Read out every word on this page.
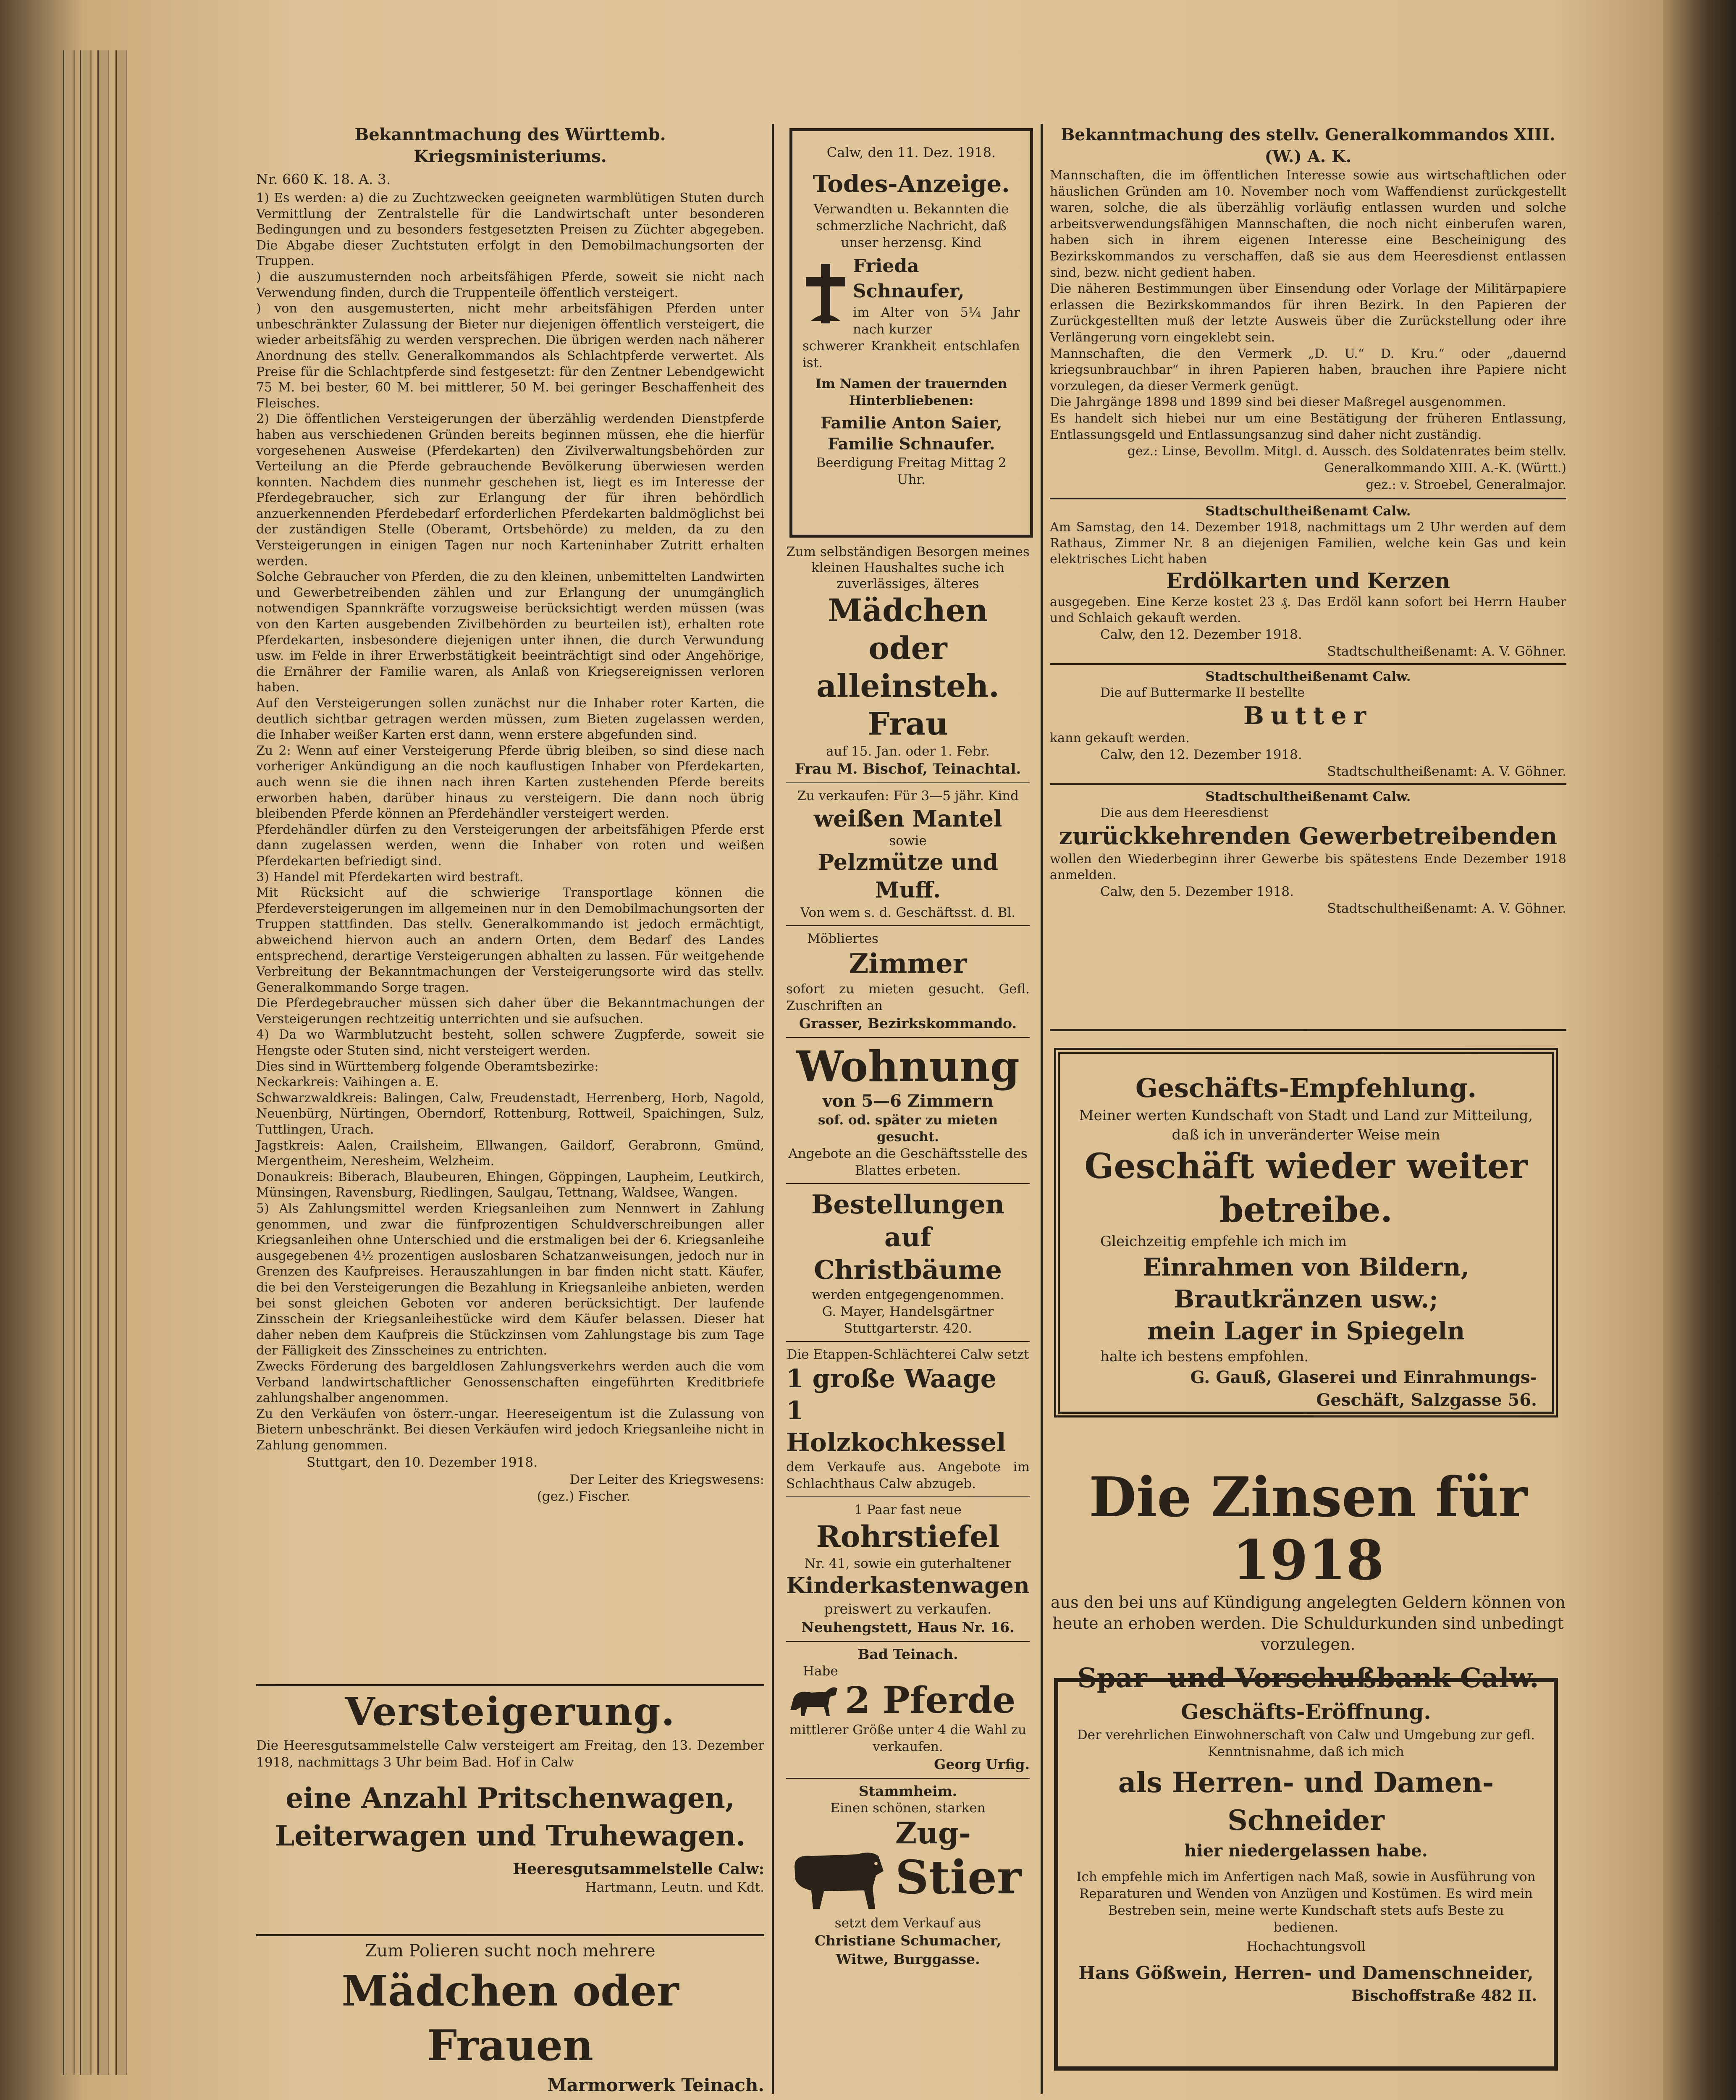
Bekanntmachung des Württemb. Kriegsministeriums.
Nr. 660 K. 18. A. 3.

1) Es werden: a) die zu Zuchtzwecken geeigneten warmblütigen Stuten durch Vermittlung der Zentralstelle für die Landwirtschaft unter besonderen Bedingungen und zu besonders festgesetzten Preisen zu Züchter abgegeben. Die Abgabe dieser Zuchtstuten erfolgt in den Demobilmachungsorten der Truppen.

) die auszumusternden noch arbeitsfähigen Pferde, soweit sie nicht nach Verwendung finden, durch die Truppenteile öffentlich versteigert.

) von den ausgemusterten, nicht mehr arbeitsfähigen Pferden unter unbeschränkter Zulassung der Bieter nur diejenigen öffentlich versteigert, die wieder arbeitsfähig zu werden versprechen. Die übrigen werden nach näherer Anordnung des stellv. Generalkommandos als Schlachtpferde verwertet. Als Preise für die Schlachtpferde sind festgesetzt: für den Zentner Lebendgewicht 75 M. bei bester, 60 M. bei mittlerer, 50 M. bei geringer Beschaffenheit des Fleisches.

2) Die öffentlichen Versteigerungen der überzählig werdenden Dienstpferde haben aus verschiedenen Gründen bereits beginnen müssen, ehe die hierfür vorgesehenen Ausweise (Pferdekarten) den Zivilverwaltungsbehörden zur Verteilung an die Pferde gebrauchende Bevölkerung überwiesen werden konnten. Nachdem dies nunmehr geschehen ist, liegt es im Interesse der Pferdegebraucher, sich zur Erlangung der für ihren behördlich anzuerkennenden Pferdebedarf erforderlichen Pferdekarten baldmöglichst bei der zuständigen Stelle (Oberamt, Ortsbehörde) zu melden, da zu den Versteigerungen in einigen Tagen nur noch Karteninhaber Zutritt erhalten werden.

Solche Gebraucher von Pferden, die zu den kleinen, unbemittelten Landwirten und Gewerbetreibenden zählen und zur Erlangung der unumgänglich notwendigen Spannkräfte vorzugsweise berücksichtigt werden müssen (was von den Karten ausgebenden Zivilbehörden zu beurteilen ist), erhalten rote Pferdekarten, insbesondere diejenigen unter ihnen, die durch Verwundung usw. im Felde in ihrer Erwerbstätigkeit beeinträchtigt sind oder Angehörige, die Ernährer der Familie waren, als Anlaß von Kriegsereignissen verloren haben.

Auf den Versteigerungen sollen zunächst nur die Inhaber roter Karten, die deutlich sichtbar getragen werden müssen, zum Bieten zugelassen werden, die Inhaber weißer Karten erst dann, wenn erstere abgefunden sind.

Zu 2: Wenn auf einer Versteigerung Pferde übrig bleiben, so sind diese nach vorheriger Ankündigung an die noch kauflustigen Inhaber von Pferdekarten, auch wenn sie die ihnen nach ihren Karten zustehenden Pferde bereits erworben haben, darüber hinaus zu versteigern. Die dann noch übrig bleibenden Pferde können an Pferdehändler versteigert werden.

Pferdehändler dürfen zu den Versteigerungen der arbeitsfähigen Pferde erst dann zugelassen werden, wenn die Inhaber von roten und weißen Pferdekarten befriedigt sind.

3) Handel mit Pferdekarten wird bestraft.

Mit Rücksicht auf die schwierige Transportlage können die Pferdeversteigerungen im allgemeinen nur in den Demobilmachungsorten der Truppen stattfinden. Das stellv. Generalkommando ist jedoch ermächtigt, abweichend hiervon auch an andern Orten, dem Bedarf des Landes entsprechend, derartige Versteigerungen abhalten zu lassen. Für weitgehende Verbreitung der Bekanntmachungen der Versteigerungsorte wird das stellv. Generalkommando Sorge tragen.

Die Pferdegebraucher müssen sich daher über die Bekanntmachungen der Versteigerungen rechtzeitig unterrichten und sie aufsuchen.

4) Da wo Warmblutzucht besteht, sollen schwere Zugpferde, soweit sie Hengste oder Stuten sind, nicht versteigert werden.

Dies sind in Württemberg folgende Oberamtsbezirke:

Neckarkreis: Vaihingen a. E.

Schwarzwaldkreis: Balingen, Calw, Freudenstadt, Herrenberg, Horb, Nagold, Neuenbürg, Nürtingen, Oberndorf, Rottenburg, Rottweil, Spaichingen, Sulz, Tuttlingen, Urach.

Jagstkreis: Aalen, Crailsheim, Ellwangen, Gaildorf, Gerabronn, Gmünd, Mergentheim, Neresheim, Welzheim.

Donaukreis: Biberach, Blaubeuren, Ehingen, Göppingen, Laupheim, Leutkirch, Münsingen, Ravensburg, Riedlingen, Saulgau, Tettnang, Waldsee, Wangen.

5) Als Zahlungsmittel werden Kriegsanleihen zum Nennwert in Zahlung genommen, und zwar die fünfprozentigen Schuldverschreibungen aller Kriegsanleihen ohne Unterschied und die erstmaligen bei der 6. Kriegsanleihe ausgegebenen 4½ prozentigen auslosbaren Schatzanweisungen, jedoch nur in Grenzen des Kaufpreises. Herauszahlungen in bar finden nicht statt. Käufer, die bei den Versteigerungen die Bezahlung in Kriegsanleihe anbieten, werden bei sonst gleichen Geboten vor anderen berücksichtigt. Der laufende Zinsschein der Kriegsanleihestücke wird dem Käufer belassen. Dieser hat daher neben dem Kaufpreis die Stückzinsen vom Zahlungstage bis zum Tage der Fälligkeit des Zinsscheines zu entrichten.

Zwecks Förderung des bargeldlosen Zahlungsverkehrs werden auch die vom Verband landwirtschaftlicher Genossenschaften eingeführten Kreditbriefe zahlungshalber angenommen.

Zu den Verkäufen von österr.-ungar. Heereseigentum ist die Zulassung von Bietern unbeschränkt. Bei diesen Verkäufen wird jedoch Kriegsanleihe nicht in Zahlung genommen.

Stuttgart, den 10. Dezember 1918.
Der Leiter des Kriegswesens:
(gez.) Fischer.
Versteigerung.
Die Heeresgutsammelstelle Calw versteigert am Freitag, den 13. Dezember 1918, nachmittags 3 Uhr beim Bad. Hof in Calw
eine Anzahl Pritschenwagen,
Leiterwagen und Truhewagen.
Heeresgutsammelstelle Calw:
Hartmann, Leutn. und Kdt.
Zum Polieren sucht noch mehrere
Mädchen oder Frauen
Marmorwerk Teinach.
Calw, den 11. Dez. 1918.
Todes-Anzeige.
Verwandten u. Bekannten die schmerzliche Nachricht, daß unser herzensg. Kind
Frieda Schnaufer,
im Alter von 5¼ Jahr nach kurzer
schwerer Krankheit entschlafen ist.
Im Namen der trauernden Hinterbliebenen:
Familie Anton Saier,
Familie Schnaufer.
Beerdigung Freitag Mittag 2 Uhr.
Zum selbständigen Besorgen meines kleinen Haushaltes suche ich zuverlässiges, älteres
Mädchen oder alleinsteh. Frau
auf 15. Jan. oder 1. Febr.
Frau M. Bischof, Teinachtal.
Zu verkaufen: Für 3—5 jähr. Kind
weißen Mantel
sowie
Pelzmütze und Muff.
Von wem s. d. Geschäftsst. d. Bl.
Möbliertes
Zimmer
sofort zu mieten gesucht. Gefl. Zuschriften an
Grasser, Bezirkskommando.
Wohnung
von 5—6 Zimmern
sof. od. später zu mieten gesucht.
Angebote an die Geschäftsstelle des Blattes erbeten.
Bestellungen auf
Christbäume
werden entgegengenommen.
G. Mayer, Handelsgärtner Stuttgarterstr. 420.
Die Etappen-Schlächterei Calw setzt
1 große Waage
1 Holzkochkessel
dem Verkaufe aus. Angebote im Schlachthaus Calw abzugeb.
1 Paar fast neue
Rohrstiefel
Nr. 41, sowie ein guterhaltener
Kinderkastenwagen
preiswert zu verkaufen.
Neuhengstett, Haus Nr. 16.
Bad Teinach.
Habe
2 Pferde
mittlerer Größe unter 4 die Wahl zu verkaufen.
Georg Urfig.
Stammheim.
Einen schönen, starken
Zug-
Stier
setzt dem Verkauf aus
Christiane Schumacher,
Witwe, Burggasse.
Bekanntmachung des stellv. Generalkommandos XIII. (W.) A. K.

Mannschaften, die im öffentlichen Interesse sowie aus wirtschaftlichen oder häuslichen Gründen am 10. November noch vom Waffendienst zurückgestellt waren, solche, die als überzählig vorläufig entlassen wurden und solche arbeitsverwendungsfähigen Mannschaften, die noch nicht einberufen waren, haben sich in ihrem eigenen Interesse eine Bescheinigung des Bezirkskommandos zu verschaffen, daß sie aus dem Heeresdienst entlassen sind, bezw. nicht gedient haben.

Die näheren Bestimmungen über Einsendung oder Vorlage der Militärpapiere erlassen die Bezirkskommandos für ihren Bezirk. In den Papieren der Zurückgestellten muß der letzte Ausweis über die Zurückstellung oder ihre Verlängerung vorn eingeklebt sein.

Mannschaften, die den Vermerk „D. U.“ D. Kru.“ oder „dauernd kriegsunbrauchbar“ in ihren Papieren haben, brauchen ihre Papiere nicht vorzulegen, da dieser Vermerk genügt.

Die Jahrgänge 1898 und 1899 sind bei dieser Maßregel ausgenommen.

Es handelt sich hiebei nur um eine Bestätigung der früheren Entlassung, Entlassungsgeld und Entlassungsanzug sind daher nicht zuständig.

gez.: Linse, Bevollm. Mitgl. d. Aussch. des Soldatenrates beim stellv. Generalkommando XIII. A.-K. (Württ.)
gez.: v. Stroebel, Generalmajor.
Stadtschultheißenamt Calw.
Am Samstag, den 14. Dezember 1918, nachmittags um 2 Uhr werden auf dem Rathaus, Zimmer Nr. 8 an diejenigen Familien, welche kein Gas und kein elektrisches Licht haben
Erdölkarten und Kerzen
ausgegeben. Eine Kerze kostet 23 ₰. Das Erdöl kann sofort bei Herrn Hauber und Schlaich gekauft werden.
Calw, den 12. Dezember 1918.
Stadtschultheißenamt: A. V. Göhner.
Stadtschultheißenamt Calw.
Die auf Buttermarke II bestellte
Butter
kann gekauft werden.
Calw, den 12. Dezember 1918.
Stadtschultheißenamt: A. V. Göhner.
Stadtschultheißenamt Calw.
Die aus dem Heeresdienst
zurückkehrenden Gewerbetreibenden
wollen den Wiederbeginn ihrer Gewerbe bis spätestens Ende Dezember 1918 anmelden.
Calw, den 5. Dezember 1918.
Stadtschultheißenamt: A. V. Göhner.
Geschäfts-Empfehlung.
Meiner werten Kundschaft von Stadt und Land zur Mitteilung, daß ich in unveränderter Weise mein
Geschäft wieder weiter betreibe.
Gleichzeitig empfehle ich mich im
Einrahmen von Bildern, Brautkränzen usw.;
mein Lager in Spiegeln
halte ich bestens empfohlen.
G. Gauß, Glaserei und Einrahmungs-
Geschäft, Salzgasse 56.
Die Zinsen für 1918
aus den bei uns auf Kündigung angelegten Geldern können von heute an erhoben werden. Die Schuldurkunden sind unbedingt vorzulegen.
Spar- und Vorschußbank Calw.
Geschäfts-Eröffnung.
Der verehrlichen Einwohnerschaft von Calw und Umgebung zur gefl. Kenntnisnahme, daß ich mich
als Herren- und Damen-Schneider
hier niedergelassen habe.
Ich empfehle mich im Anfertigen nach Maß, sowie in Ausführung von Reparaturen und Wenden von Anzügen und Kostümen. Es wird mein Bestreben sein, meine werte Kundschaft stets aufs Beste zu bedienen.
Hochachtungsvoll
Hans Gößwein, Herren- und Damenschneider,
Bischoffstraße 482 II.
